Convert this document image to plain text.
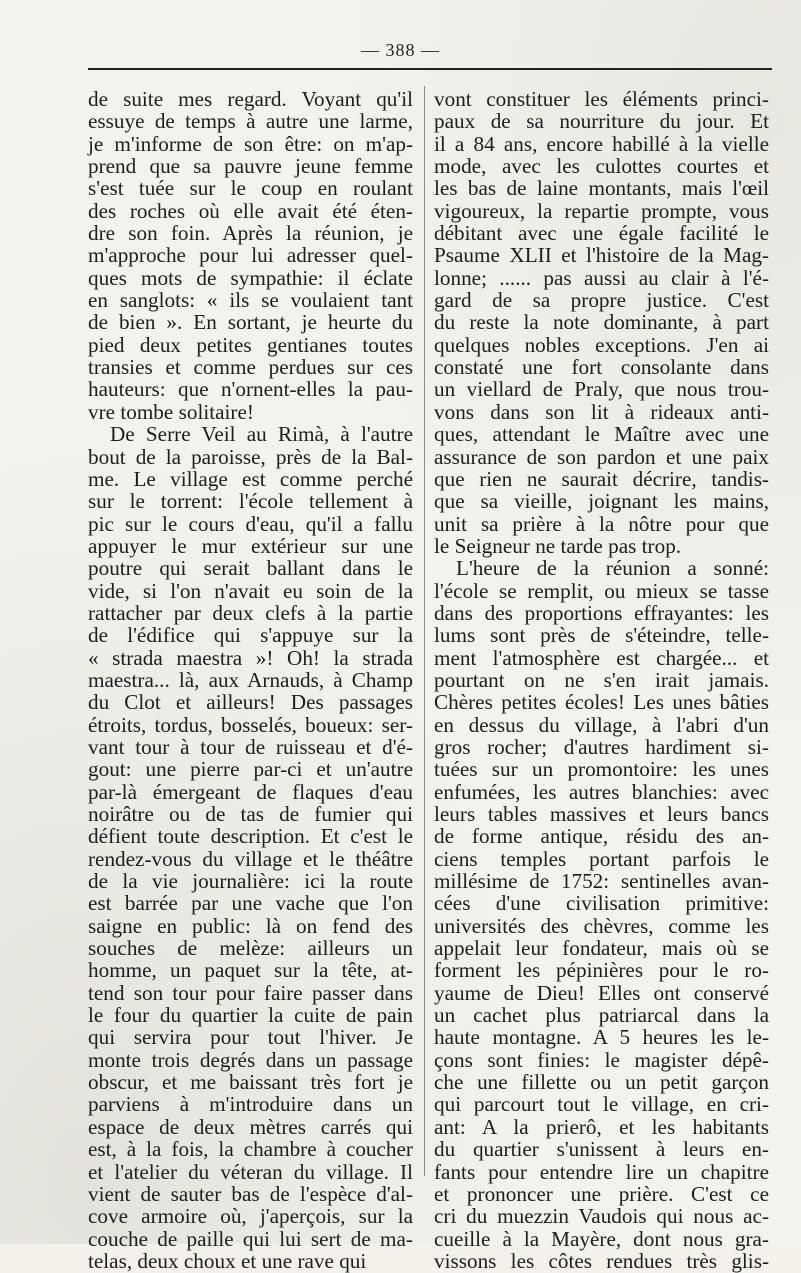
— 388 —
de suite mes regard. Voyant qu'il
essuye de temps à autre une larme,
je m'informe de son être: on m'ap-
prend que sa pauvre jeune femme
s'est tuée sur le coup en roulant
des roches où elle avait été éten-
dre son foin. Après la réunion, je
m'approche pour lui adresser quel-
ques mots de sympathie: il éclate
en sanglots: « ils se voulaient tant
de bien ». En sortant, je heurte du
pied deux petites gentianes toutes
transies et comme perdues sur ces
hauteurs: que n'ornent-elles la pau-
vre tombe solitaire!
De Serre Veil au Rimà, à l'autre
bout de la paroisse, près de la Bal-
me. Le village est comme perché
sur le torrent: l'école tellement à
pic sur le cours d'eau, qu'il a fallu
appuyer le mur extérieur sur une
poutre qui serait ballant dans le
vide, si l'on n'avait eu soin de la
rattacher par deux clefs à la partie
de l'édifice qui s'appuye sur la
« strada maestra »! Oh! la strada
maestra... là, aux Arnauds, à Champ
du Clot et ailleurs! Des passages
étroits, tordus, bosselés, boueux: ser-
vant tour à tour de ruisseau et d'é-
gout: une pierre par-ci et un'autre
par-là émergeant de flaques d'eau
noirâtre ou de tas de fumier qui
défient toute description. Et c'est le
rendez-vous du village et le théâtre
de la vie journalière: ici la route
est barrée par une vache que l'on
saigne en public: là on fend des
souches de melèze: ailleurs un
homme, un paquet sur la tête, at-
tend son tour pour faire passer dans
le four du quartier la cuite de pain
qui servira pour tout l'hiver. Je
monte trois degrés dans un passage
obscur, et me baissant très fort je
parviens à m'introduire dans un
espace de deux mètres carrés qui
est, à la fois, la chambre à coucher
et l'atelier du véteran du village. Il
vient de sauter bas de l'espèce d'al-
cove armoire où, j'aperçois, sur la
couche de paille qui lui sert de ma-
telas, deux choux et une rave qui
vont constituer les éléments princi-
paux de sa nourriture du jour. Et
il a 84 ans, encore habillé à la vielle
mode, avec les culottes courtes et
les bas de laine montants, mais l'œil
vigoureux, la repartie prompte, vous
débitant avec une égale facilité le
Psaume XLII et l'histoire de la Mag-
lonne; ...... pas aussi au clair à l'é-
gard de sa propre justice. C'est
du reste la note dominante, à part
quelques nobles exceptions. J'en ai
constaté une fort consolante dans
un viellard de Praly, que nous trou-
vons dans son lit à rideaux anti-
ques, attendant le Maître avec une
assurance de son pardon et une paix
que rien ne saurait décrire, tandis-
que sa vieille, joignant les mains,
unit sa prière à la nôtre pour que
le Seigneur ne tarde pas trop.
L'heure de la réunion a sonné:
l'école se remplit, ou mieux se tasse
dans des proportions effrayantes: les
lums sont près de s'éteindre, telle-
ment l'atmosphère est chargée... et
pourtant on ne s'en irait jamais.
Chères petites écoles! Les unes bâties
en dessus du village, à l'abri d'un
gros rocher; d'autres hardiment si-
tuées sur un promontoire: les unes
enfumées, les autres blanchies: avec
leurs tables massives et leurs bancs
de forme antique, résidu des an-
ciens temples portant parfois le
millésime de 1752: sentinelles avan-
cées d'une civilisation primitive:
universités des chèvres, comme les
appelait leur fondateur, mais où se
forment les pépinières pour le ro-
yaume de Dieu! Elles ont conservé
un cachet plus patriarcal dans la
haute montagne. A 5 heures les le-
çons sont finies: le magister dépê-
che une fillette ou un petit garçon
qui parcourt tout le village, en cri-
ant: A la prierô, et les habitants
du quartier s'unissent à leurs en-
fants pour entendre lire un chapitre
et prononcer une prière. C'est ce
cri du muezzin Vaudois qui nous ac-
cueille à la Mayère, dont nous gra-
vissons les côtes rendues très glis-
